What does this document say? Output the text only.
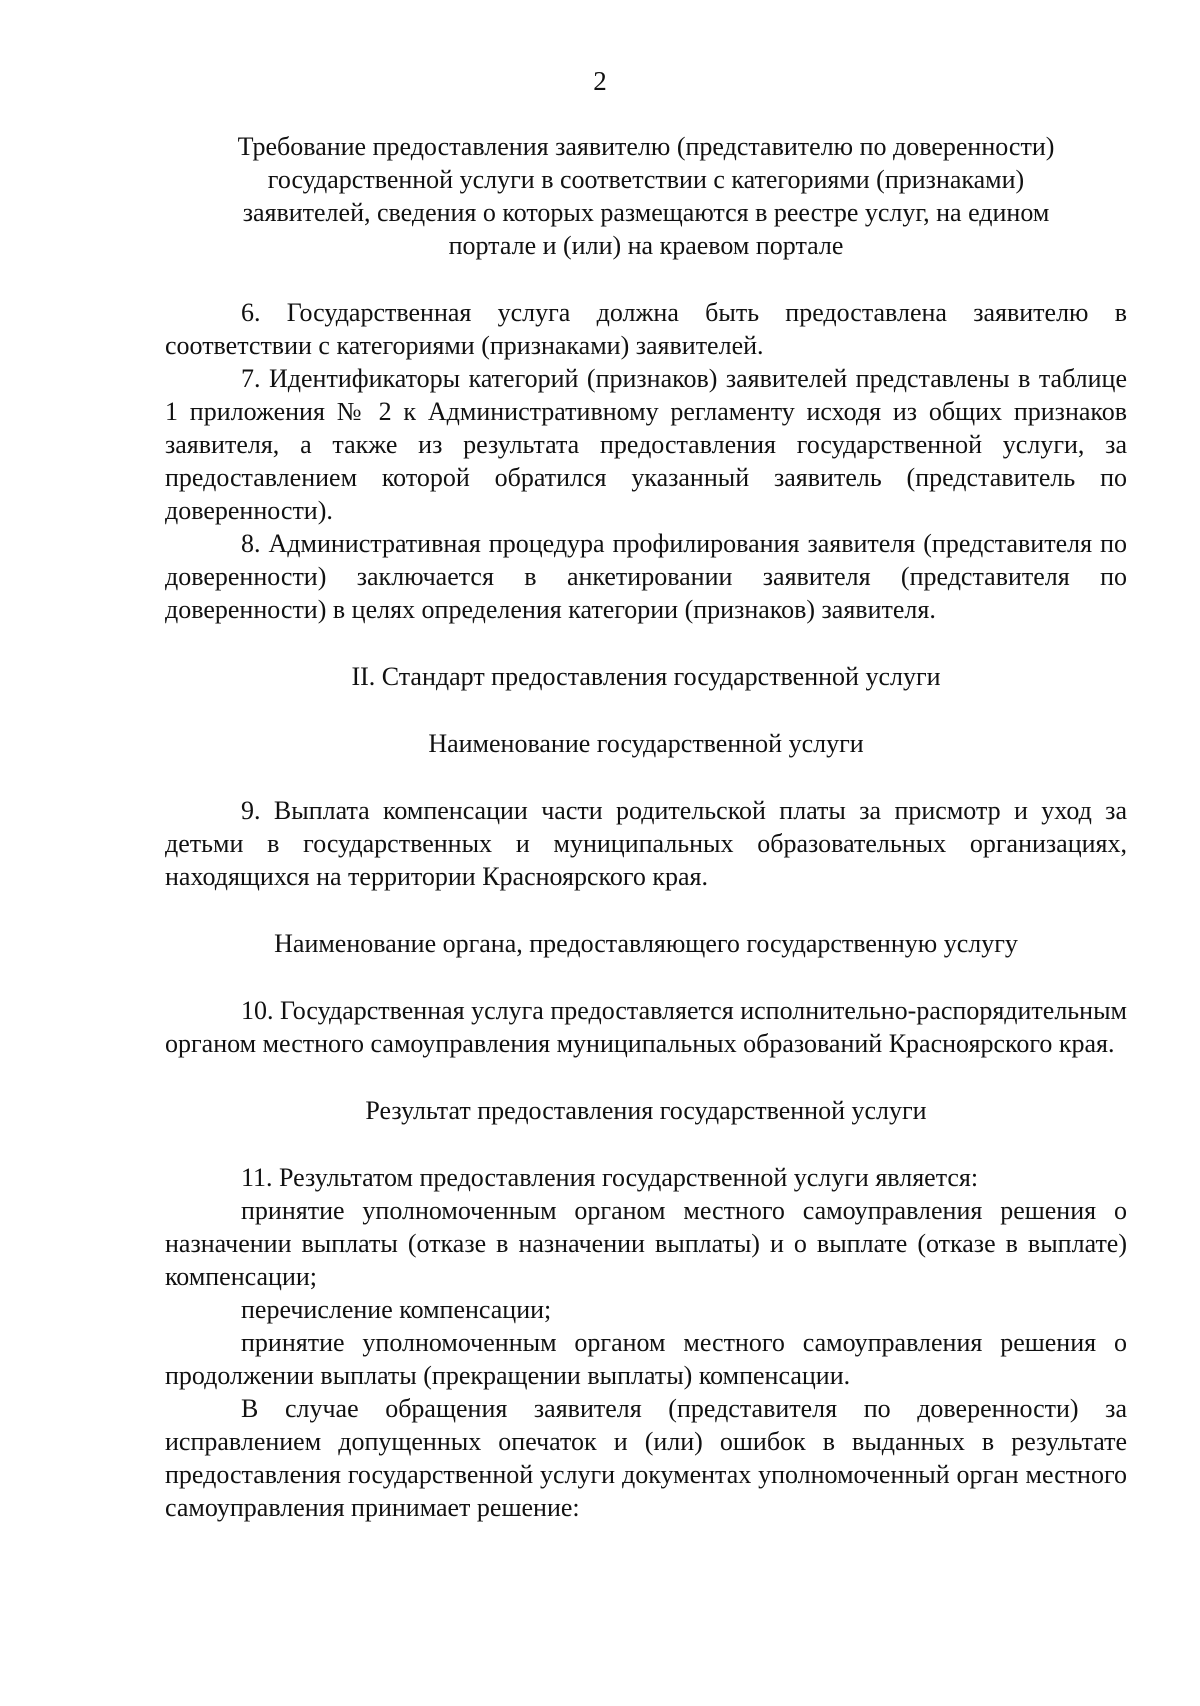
2

Требование предоставления заявителю (представителю по доверенности)

государственной услуги в соответствии с категориями (признаками)

заявителей, сведения о которых размещаются в реестре услуг, на едином

портале и (или) на краевом портале

6. Государственная услуга должна быть предоставлена заявителю в соответствии с категориями (признаками) заявителей.

7. Идентификаторы категорий (признаков) заявителей представлены в таблице 1 приложения № 2 к Административному регламенту исходя из общих признаков заявителя, а также из результата предоставления государственной услуги, за предоставлением которой обратился указанный заявитель (представитель по доверенности).

8. Административная процедура профилирования заявителя (представителя по доверенности) заключается в анкетировании заявителя (представителя по доверенности) в целях определения категории (признаков) заявителя.

II. Стандарт предоставления государственной услуги

Наименование государственной услуги

9. Выплата компенсации части родительской платы за присмотр и уход за детьми в государственных и муниципальных образовательных организациях, находящихся на территории Красноярского края.

Наименование органа, предоставляющего государственную услугу

10. Государственная услуга предоставляется исполнительно-распорядительным органом местного самоуправления муниципальных образований Красноярского края.

Результат предоставления государственной услуги

11. Результатом предоставления государственной услуги является:

принятие уполномоченным органом местного самоуправления решения о назначении выплаты (отказе в назначении выплаты) и о выплате (отказе в выплате) компенсации;

перечисление компенсации;

принятие уполномоченным органом местного самоуправления решения о продолжении выплаты (прекращении выплаты) компенсации.

В случае обращения заявителя (представителя по доверенности) за исправлением допущенных опечаток и (или) ошибок в выданных в результате предоставления государственной услуги документах уполномоченный орган местного самоуправления принимает решение:
